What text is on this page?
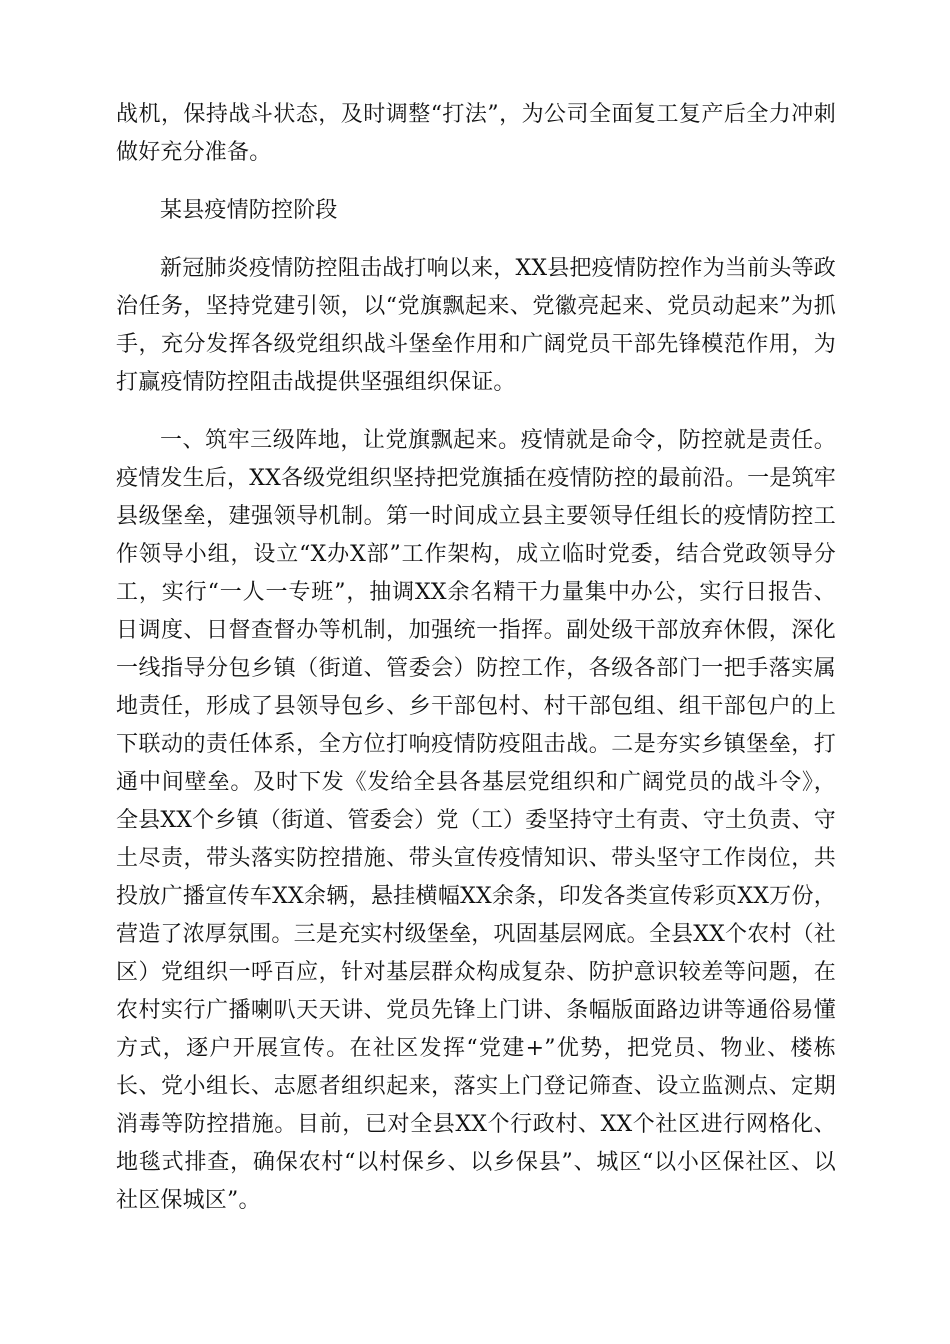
战机，保持战斗状态，及时调整“打法”，为公司全面复工复产后全力冲刺做好充分准备。

某县疫情防控阶段

新冠肺炎疫情防控阻击战打响以来，XX县把疫情防控作为当前头等政治任务，坚持党建引领，以“党旗飘起来、党徽亮起来、党员动起来”为抓手，充分发挥各级党组织战斗堡垒作用和广阔党员干部先锋模范作用，为打赢疫情防控阻击战提供坚强组织保证。

一、筑牢三级阵地，让党旗飘起来。疫情就是命令，防控就是责任。疫情发生后，XX各级党组织坚持把党旗插在疫情防控的最前沿。一是筑牢县级堡垒，建强领导机制。第一时间成立县主要领导任组长的疫情防控工作领导小组，设立“X办X部”工作架构，成立临时党委，结合党政领导分工，实行“一人一专班”，抽调XX余名精干力量集中办公，实行日报告、日调度、日督查督办等机制，加强统一指挥。副处级干部放弃休假，深化一线指导分包乡镇（街道、管委会）防控工作，各级各部门一把手落实属地责任，形成了县领导包乡、乡干部包村、村干部包组、组干部包户的上下联动的责任体系，全方位打响疫情防疫阻击战。二是夯实乡镇堡垒，打通中间壁垒。及时下发《发给全县各基层党组织和广阔党员的战斗令》，全县XX个乡镇（街道、管委会）党（工）委坚持守土有责、守土负责、守土尽责，带头落实防控措施、带头宣传疫情知识、带头坚守工作岗位，共投放广播宣传车XX余辆，悬挂横幅XX余条，印发各类宣传彩页XX万份，营造了浓厚氛围。三是充实村级堡垒，巩固基层网底。全县XX个农村（社区）党组织一呼百应，针对基层群众构成复杂、防护意识较差等问题，在农村实行广播喇叭天天讲、党员先锋上门讲、条幅版面路边讲等通俗易懂方式，逐户开展宣传。在社区发挥“党建+”优势，把党员、物业、楼栋长、党小组长、志愿者组织起来，落实上门登记筛查、设立监测点、定期消毒等防控措施。目前，已对全县XX个行政村、XX个社区进行网格化、地毯式排查，确保农村“以村保乡、以乡保县”、城区“以小区保社区、以社区保城区”。
